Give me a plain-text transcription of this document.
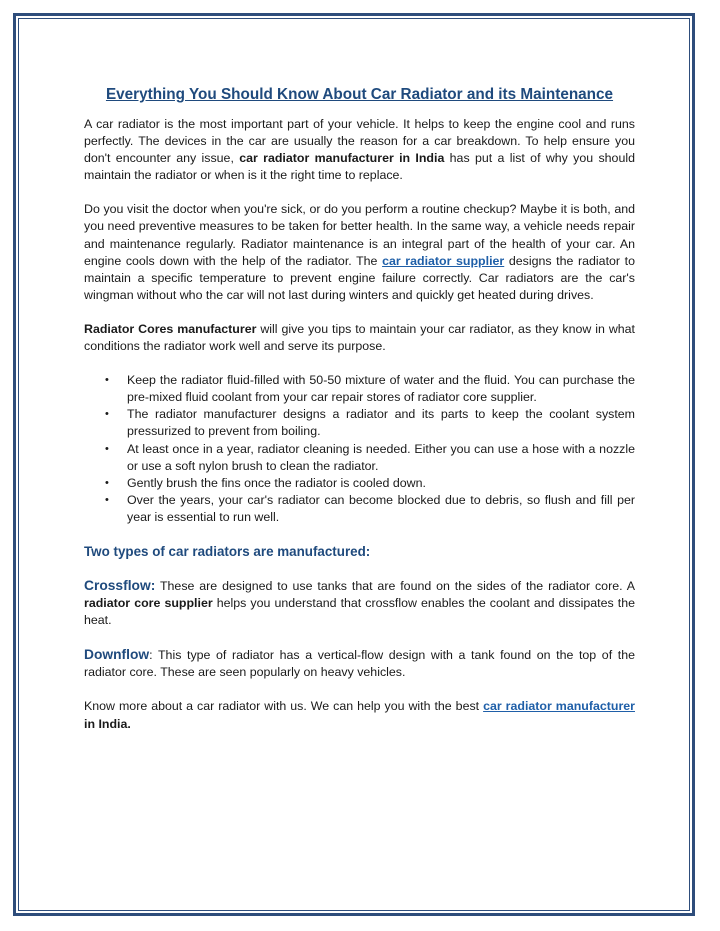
Everything You Should Know About Car Radiator and its Maintenance

A car radiator is the most important part of your vehicle. It helps to keep the engine cool and runs perfectly. The devices in the car are usually the reason for a car breakdown. To help ensure you don't encounter any issue, car radiator manufacturer in India has put a list of why you should maintain the radiator or when is it the right time to replace.

Do you visit the doctor when you're sick, or do you perform a routine checkup? Maybe it is both, and you need preventive measures to be taken for better health. In the same way, a vehicle needs repair and maintenance regularly. Radiator maintenance is an integral part of the health of your car. An engine cools down with the help of the radiator. The car radiator supplier designs the radiator to maintain a specific temperature to prevent engine failure correctly. Car radiators are the car's wingman without who the car will not last during winters and quickly get heated during drives.

Radiator Cores manufacturer will give you tips to maintain your car radiator, as they know in what conditions the radiator work well and serve its purpose.

• Keep the radiator fluid-filled with 50-50 mixture of water and the fluid. You can purchase the pre-mixed fluid coolant from your car repair stores of radiator core supplier.
• The radiator manufacturer designs a radiator and its parts to keep the coolant system pressurized to prevent from boiling.
• At least once in a year, radiator cleaning is needed. Either you can use a hose with a nozzle or use a soft nylon brush to clean the radiator.
• Gently brush the fins once the radiator is cooled down.
• Over the years, your car's radiator can become blocked due to debris, so flush and fill per year is essential to run well.
Two types of car radiators are manufactured:

Crossflow: These are designed to use tanks that are found on the sides of the radiator core. A radiator core supplier helps you understand that crossflow enables the coolant and dissipates the heat.

Downflow: This type of radiator has a vertical-flow design with a tank found on the top of the radiator core. These are seen popularly on heavy vehicles.

Know more about a car radiator with us. We can help you with the best car radiator manufacturer in India.
